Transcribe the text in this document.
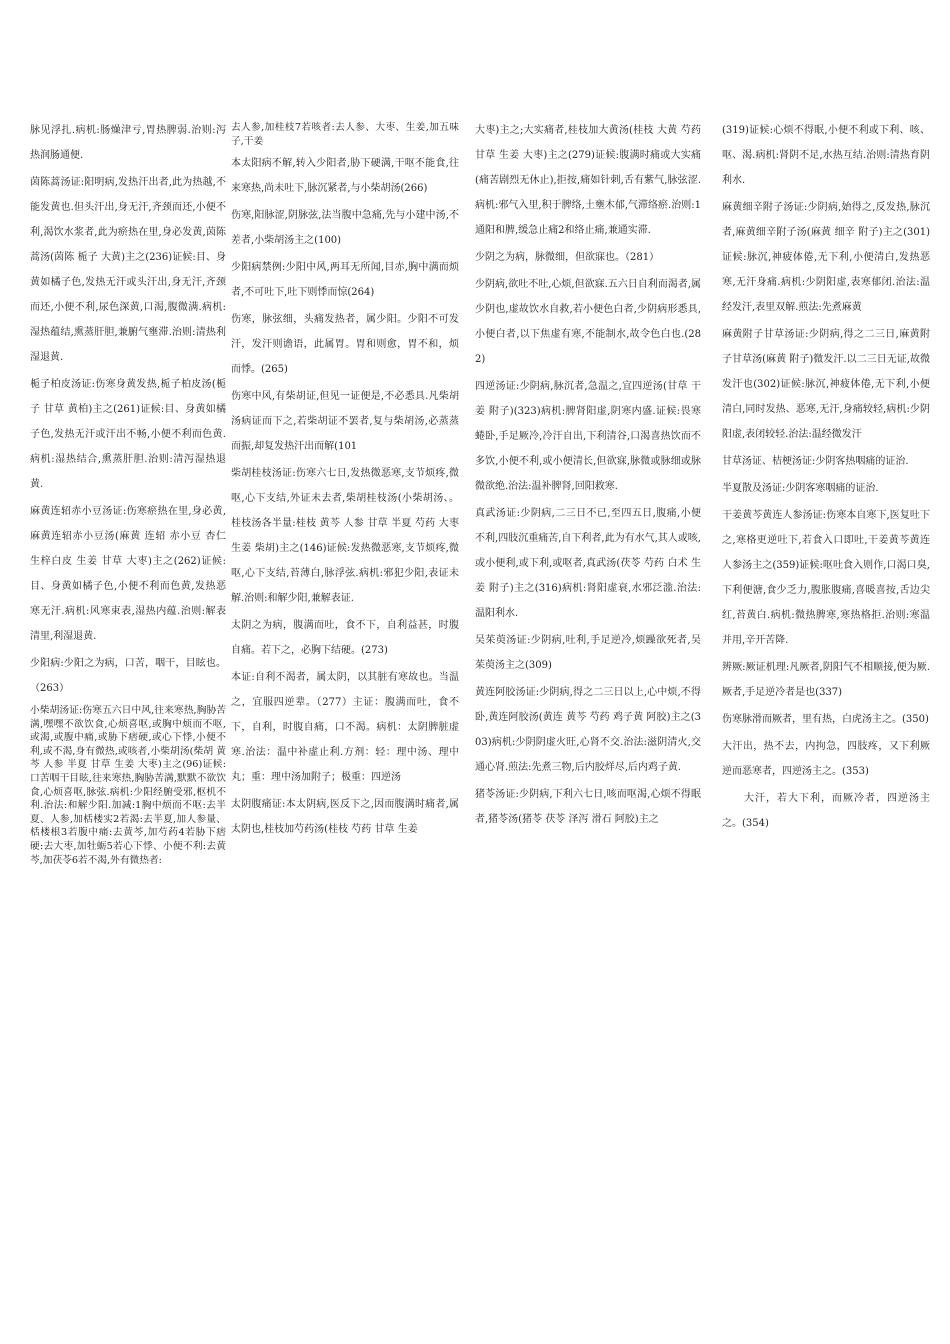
脉见浮扎.病机:肠燥津亏,胃热脾弱.治则:泻热润肠通便.

茵陈蒿汤证:阳明病,发热汗出者,此为热越,不能发黄也.但头汗出,身无汗,齐颈而还,小便不利,渴饮水浆者,此为瘀热在里,身必发黄,茵陈蒿汤(茵陈 栀子 大黄)主之(236)证候:目、身黄如橘子色,发热无汗或头汗出,身无汗,齐颈而还,小便不利,尿色深黄,口渴,腹微满.病机:湿热蕴结,熏蒸肝胆,兼腑气壅滞.治则:清热利湿退黄.

栀子柏皮汤证:伤寒身黄发热,栀子柏皮汤(栀子 甘草 黄柏)主之(261)证候:目、身黄如橘子色,发热无汗或汗出不畅,小便不利而色黄.病机:湿热结合,熏蒸肝胆.治则:清泻湿热退黄.

麻黄连轺赤小豆汤证:伤寒瘀热在里,身必黄,麻黄连轺赤小豆汤(麻黄 连轺 赤小豆 杏仁 生梓白皮 生姜 甘草 大枣)主之(262)证候:目、身黄如橘子色,小便不利而色黄,发热恶寒无汗.病机:风寒束表,湿热内蕴.治则:解表清里,利湿退黄.

少阳病:少阳之为病，口苦，咽干，目眩也。（263）

小柴胡汤证:伤寒五六日中风,往来寒热,胸胁苦满,嘿嘿不欲饮食,心烦喜呕,或胸中烦而不呕,或渴,或腹中痛,或胁下痞硬,或心下悸,小便不利,或不渴,身有微热,或咳者,小柴胡汤(柴胡 黄芩 人参 半夏 甘草 生姜 大枣)主之(96)证候:口苦咽干目眩,往来寒热,胸胁苦满,默默不欲饮食,心烦喜呕,脉弦.病机:少阳经腑受邪,枢机不利.治法:和解少阳.加减:1胸中烦而不呕:去半夏、人参,加栝楼实2若渴:去半夏,加人参量、栝楼根3若腹中痛:去黄芩,加芍药4若胁下痞硬:去大枣,加牡蛎5若心下悸、小便不利:去黄芩,加茯苓6若不渴,外有微热者:

去人参,加桂枝7若咳者:去人参、大枣、生姜,加五味子,干姜

本太阳病不解,转入少阳者,胁下硬满,干呕不能食,往来寒热,尚未吐下,脉沉紧者,与小柴胡汤(266)

伤寒,阳脉涩,阴脉弦,法当腹中急痛,先与小建中汤,不差者,小柴胡汤主之(100)

少阳病禁例:少阳中风,两耳无所闻,目赤,胸中满而烦者,不可吐下,吐下则悸而惊(264)

伤寒，脉弦细，头痛发热者，属少阳。少阳不可发汗，发汗则谵语，此属胃。胃和则愈，胃不和，烦而悸。(265)

伤寒中风,有柴胡证,但见一证便是,不必悉具.凡柴胡汤病证而下之,若柴胡证不罢者,复与柴胡汤,必蒸蒸而振,却复发热汗出而解(101

柴胡桂枝汤证:伤寒六七日,发热微恶寒,支节烦疼,微呕,心下支结,外证未去者,柴胡桂枝汤(小柴胡汤、。桂枝汤各半量:桂枝 黄芩 人参 甘草 半夏 芍药 大枣 生姜 柴胡)主之(146)证候:发热微恶寒,支节烦疼,微呕,心下支结,苔薄白,脉浮弦.病机:邪犯少阳,表证未解.治则:和解少阳,兼解表证.

太阴之为病，腹满而吐，食不下，自利益甚，时腹自痛。若下之，必胸下结硬。(273)

本证:自利不渴者，属太阴，以其脏有寒故也。当温之，宜服四逆辈。（277）主证：腹满而吐，食不下，自利，时腹自痛，口不渴。病机：太阴脾脏虚寒.治法：温中补虚止利.方剂：轻：理中汤、理中丸；重：理中汤加附子；极重：四逆汤

太阴腹痛证:本太阴病,医反下之,因而腹满时痛者,属太阴也,桂枝加芍药汤(桂枝 芍药 甘草 生姜

大枣)主之;大实痛者,桂枝加大黄汤(桂枝 大黄 芍药 甘草 生姜 大枣)主之(279)证候:腹满时痛或大实痛(痛苦剧烈无休止),拒按,痛如针刺,舌有紫气,脉弦涩.病机:邪气入里,积于脾络,土壅木郁,气滞络瘀.治则:1通阳和脾,缓急止痛2和络止痛,兼通实滞.

少阴之为病，脉微细，但欲寐也。（281）

少阴病,欲吐不吐,心烦,但欲寐.五六日自利而渴者,属少阴也,虚故饮水自救,若小便色白者,少阴病形悉具,小便白者,以下焦虚有寒,不能制水,故令色白也.(282)

四逆汤证:少阴病,脉沉者,急温之,宜四逆汤(甘草 干姜 附子)(323)病机:脾肾阳虚,阴寒内盛.证候:畏寒蜷卧,手足厥冷,冷汗自出,下利清谷,口渴喜热饮而不多饮,小便不利,或小便清长,但欲寐,脉微或脉细或脉微欲绝.治法:温补脾肾,回阳救寒.

真武汤证:少阴病,二三日不已,至四五日,腹痛,小便不利,四肢沉重痛苦,自下利者,此为有水气,其人或咳,或小便利,或下利,或呕者,真武汤(茯苓 芍药 白术 生姜 附子)主之(316)病机:肾阳虚衰,水邪泛滥.治法:温阳利水.

吴茱萸汤证:少阴病,吐利,手足逆冷,烦躁欲死者,吴茱萸汤主之(309)

黄连阿胶汤证:少阴病,得之二三日以上,心中烦,不得卧,黄连阿胶汤(黄连 黄芩 芍药 鸡子黄 阿胶)主之(303)病机:少阴阴虚火旺,心肾不交.治法:滋阴清火,交通心肾.煎法:先煮三物,后内胶烊尽,后内鸡子黄.

猪苓汤证:少阴病,下利六七日,咳而呕渴,心烦不得眠者,猪苓汤(猪苓 茯苓 泽泻 滑石 阿胶)主之

(319)证候:心烦不得眠,小便不利或下利、咳、呕、渴.病机:肾阴不足,水热互结.治则:清热育阴利水.

麻黄细辛附子汤证:少阴病,始得之,反发热,脉沉者,麻黄细辛附子汤(麻黄 细辛 附子)主之(301)证候:脉沉,神疲体倦,无下利,小便清白,发热恶寒,无汗身痛.病机:少阴阳虚,表寒郁闭.治法:温经发汗,表里双解.煎法:先煮麻黄

麻黄附子甘草汤证:少阴病,得之二三日,麻黄附子甘草汤(麻黄 附子)微发汗.以二三日无证,故微发汗也(302)证候:脉沉,神疲体倦,无下利,小便清白,同时发热、恶寒,无汗,身痛较轻,病机:少阴阳虚,表闭较轻.治法:温经微发汗

甘草汤证、桔梗汤证:少阴客热咽痛的证治.

半夏散及汤证:少阴客寒咽痛的证治.

干姜黄芩黄连人参汤证:伤寒本自寒下,医复吐下之,寒格更逆吐下,若食入口即吐,干姜黄芩黄连人参汤主之(359)证候:呕吐食入则作,口渴口臭,下利便溏,食少乏力,腹胀腹痛,喜暖喜按,舌边尖红,苔黄白.病机:微热脾寒,寒热格拒.治则:寒温并用,辛开苦降.

辨厥:厥证机理:凡厥者,阴阳气不相顺接,便为厥.厥者,手足逆冷者是也(337)

伤寒脉滑而厥者，里有热，白虎汤主之。(350)

大汗出，热不去，内拘急，四肢疼，又下利厥逆而恶寒者，四逆汤主之。(353)

　　大汗，若大下利，而厥冷者，四逆汤主之。(354)
